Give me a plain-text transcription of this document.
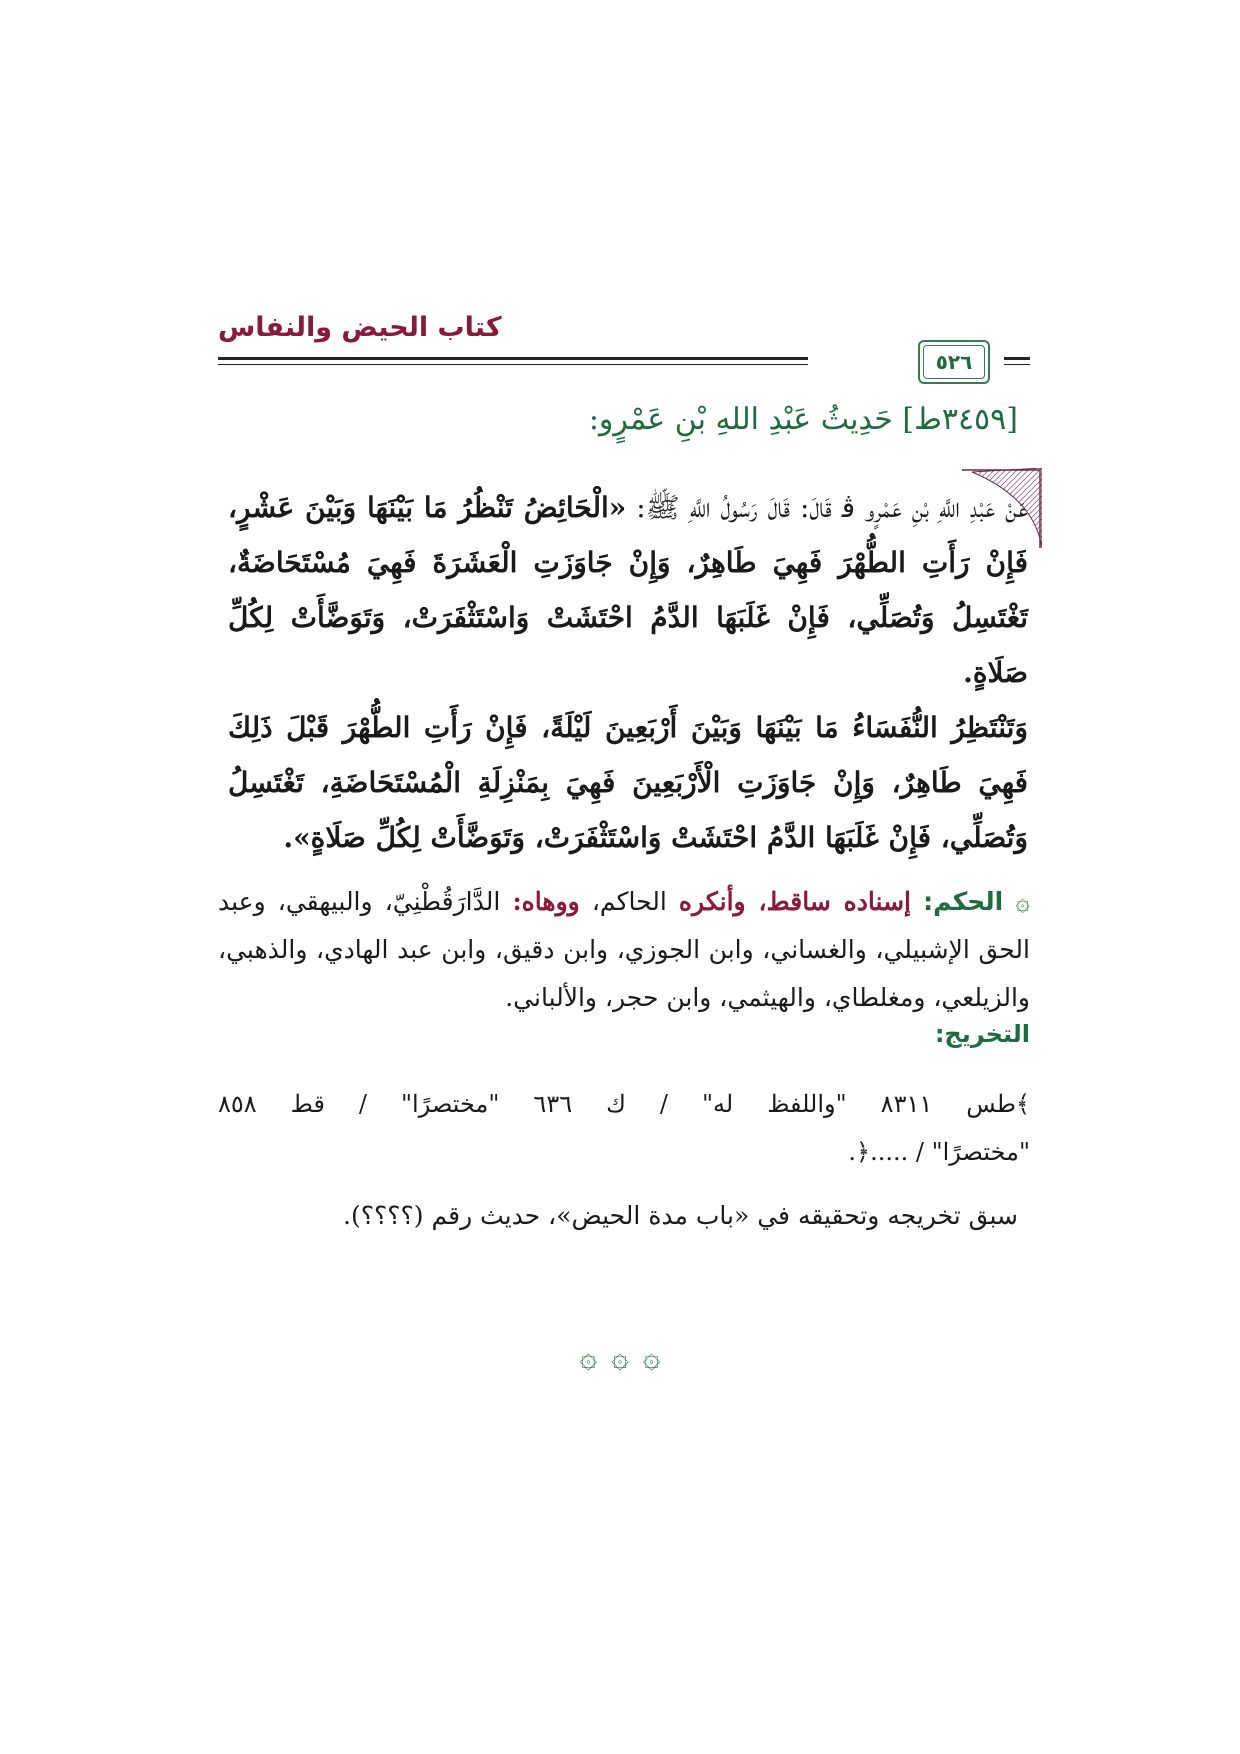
كتاب الحيض والنفاس
٥٢٦
[٣٤٥٩ط] حَدِيثُ عَبْدِ اللهِ بْنِ عَمْرٍو:

عَنْ عَبْدِ اللَّهِ بْنِ عَمْرٍو ﭬ قَالَ: قَالَ رَسُولُ اللَّهِ ﷺ: «الْحَائِضُ تَنْظُرُ مَا بَيْنَهَا وَبَيْنَ عَشْرٍ، فَإِنْ رَأَتِ الطُّهْرَ فَهِيَ طَاهِرٌ، وَإِنْ جَاوَزَتِ الْعَشَرَةَ فَهِيَ مُسْتَحَاضَةٌ، تَغْتَسِلُ وَتُصَلِّي، فَإِنْ غَلَبَهَا الدَّمُ احْتَشَتْ وَاسْتَثْفَرَتْ، وَتَوَضَّأَتْ لِكُلِّ صَلَاةٍ.

وَتَنْتَظِرُ النُّفَسَاءُ مَا بَيْنَهَا وَبَيْنَ أَرْبَعِينَ لَيْلَةً، فَإِنْ رَأَتِ الطُّهْرَ قَبْلَ ذَلِكَ فَهِيَ طَاهِرٌ، وَإِنْ جَاوَزَتِ الْأَرْبَعِينَ فَهِيَ بِمَنْزِلَةِ الْمُسْتَحَاضَةِ، تَغْتَسِلُ وَتُصَلِّي، فَإِنْ غَلَبَهَا الدَّمُ احْتَشَتْ وَاسْتَثْفَرَتْ، وَتَوَضَّأَتْ لِكُلِّ صَلَاةٍ».

۞ الحكم: إسناده ساقط، وأنكره الحاكم، ووهاه: الدَّارَقُطْنِيّ، والبيهقي، وعبد الحق الإشبيلي، والغساني، وابن الجوزي، وابن دقيق، وابن عبد الهادي، والذهبي، والزيلعي، ومغلطاي، والهيثمي، وابن حجر، والألباني.
التخريج:
﴾طس ٨٣١١ "واللفظ له" / ك ٦٣٦ "مختصرًا" / قط ٨٥٨
"مختصرًا" / .....﴿.
سبق تخريجه وتحقيقه في «باب مدة الحيض»، حديث رقم (؟؟؟؟).
۞ ۞ ۞
